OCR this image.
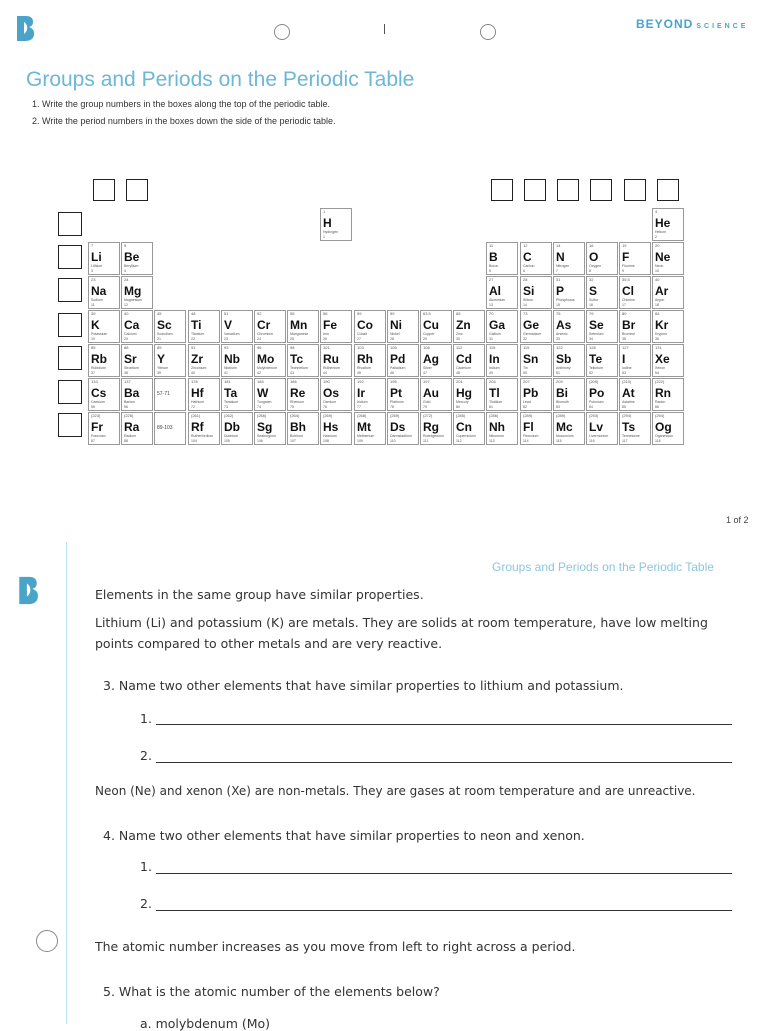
BEYOND SCIENCE
Groups and Periods on the Periodic Table
1. Write the group numbers in the boxes along the top of the periodic table.
2. Write the period numbers in the boxes down the side of the periodic table.
1
H
Hydrogen
1
4
He
Helium
2
7
Li
Lithium
3
9
Be
Beryllium
4
11
B
Boron
5
12
C
Carbon
6
14
N
Nitrogen
7
16
O
Oxygen
8
19
F
Fluorine
9
20
Ne
Neon
10
23
Na
Sodium
11
24
Mg
Magnesium
12
27
Al
Aluminium
13
28
Si
Silicon
14
31
P
Phosphorus
15
32
S
Sulfur
16
35.5
Cl
Chlorine
17
40
Ar
Argon
18
39
K
Potassium
19
40
Ca
Calcium
20
45
Sc
Scandium
21
48
Ti
Titanium
22
51
V
Vanadium
23
52
Cr
Chromium
24
55
Mn
Manganese
25
56
Fe
Iron
26
59
Co
Cobalt
27
59
Ni
Nickel
28
63.5
Cu
Copper
29
65
Zn
Zinc
30
70
Ga
Gallium
31
73
Ge
Germanium
32
75
As
Arsenic
33
79
Se
Selenium
34
80
Br
Bromine
35
84
Kr
Krypton
36
85
Rb
Rubidium
37
88
Sr
Strontium
38
89
Y
Yttrium
39
91
Zr
Zirconium
40
93
Nb
Niobium
41
96
Mo
Molybdenum
42
98
Tc
Technetium
43
101
Ru
Ruthenium
44
103
Rh
Rhodium
45
106
Pd
Palladium
46
108
Ag
Silver
47
112
Cd
Cadmium
48
115
In
Indium
49
119
Sn
Tin
50
122
Sb
Antimony
51
128
Te
Tellurium
52
127
I
Iodine
53
131
Xe
Xenon
54
133
Cs
Caesium
55
137
Ba
Barium
56
57-71
178
Hf
Hafnium
72
181
Ta
Tantalum
73
184
W
Tungsten
74
186
Re
Rhenium
75
190
Os
Osmium
76
192
Ir
Iridium
77
195
Pt
Platinum
78
197
Au
Gold
79
201
Hg
Mercury
80
204
Tl
Thallium
81
207
Pb
Lead
82
209
Bi
Bismuth
83
(209)
Po
Polonium
84
(210)
At
Astatine
85
(222)
Rn
Radon
86
(223)
Fr
Francium
87
(226)
Ra
Radium
88
89-103
(261)
Rf
Rutherfordium
104
(262)
Db
Dubnium
105
(266)
Sg
Seaborgium
106
(264)
Bh
Bohrium
107
(269)
Hs
Hassium
108
(268)
Mt
Meitnerium
109
(269)
Ds
Darmstadtium
110
(272)
Rg
Roentgenium
111
(285)
Cn
Copernicium
112
(286)
Nh
Nihonium
113
(289)
Fl
Flerovium
114
(289)
Mc
Moscovium
115
(293)
Lv
Livermorium
116
(294)
Ts
Tennessine
117
(294)
Og
Oganesson
118
1 of 2
Groups and Periods on the Periodic Table
Elements in the same group have similar properties.
Lithium (Li) and potassium (K) are metals. They are solids at room temperature, have low melting points compared to other metals and are very reactive.
3. Name two other elements that have similar properties to lithium and potassium.
1.
2.
Neon (Ne) and xenon (Xe) are non-metals. They are gases at room temperature and are unreactive.
4. Name two other elements that have similar properties to neon and xenon.
1.
2.
The atomic number increases as you move from left to right across a period.
5. What is the atomic number of the elements below?
a. molybdenum (Mo)
